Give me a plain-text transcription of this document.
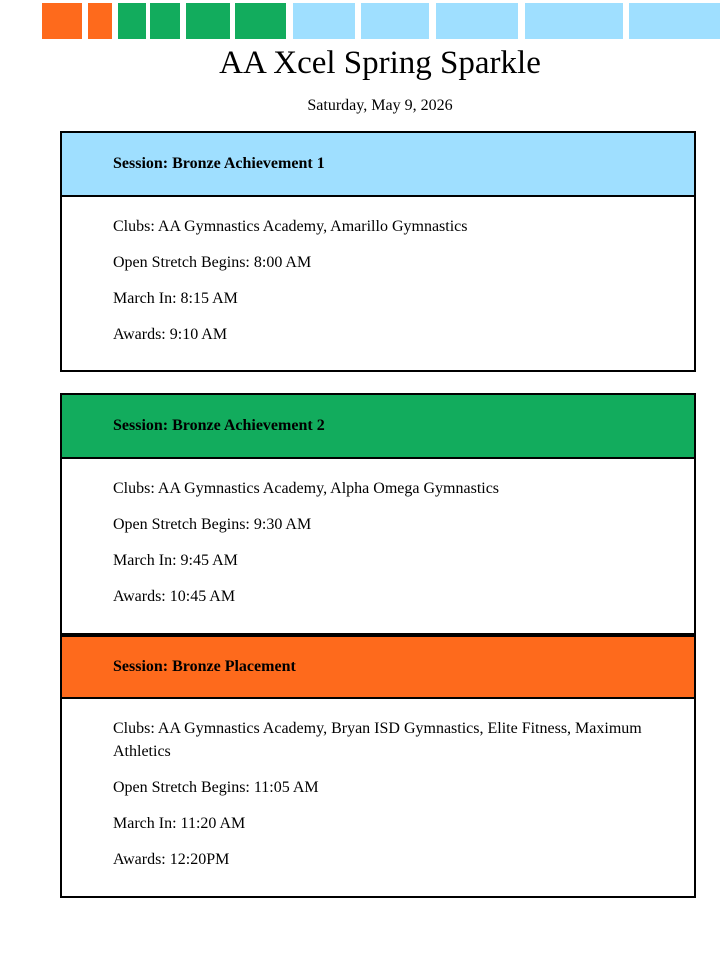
AA Xcel Spring Sparkle
Saturday, May 9, 2026
Session: Bronze Achievement 1

Clubs: AA Gymnastics Academy, Amarillo Gymnastics

Open Stretch Begins: 8:00 AM

March In: 8:15 AM

Awards: 9:10 AM

Session: Bronze Achievement 2

Clubs: AA Gymnastics Academy, Alpha Omega Gymnastics

Open Stretch Begins: 9:30 AM

March In: 9:45 AM

Awards: 10:45 AM

Session: Bronze Placement

Clubs: AA Gymnastics Academy, Bryan ISD Gymnastics, Elite Fitness, Maximum Athletics

Open Stretch Begins: 11:05 AM

March In: 11:20 AM

Awards: 12:20PM
